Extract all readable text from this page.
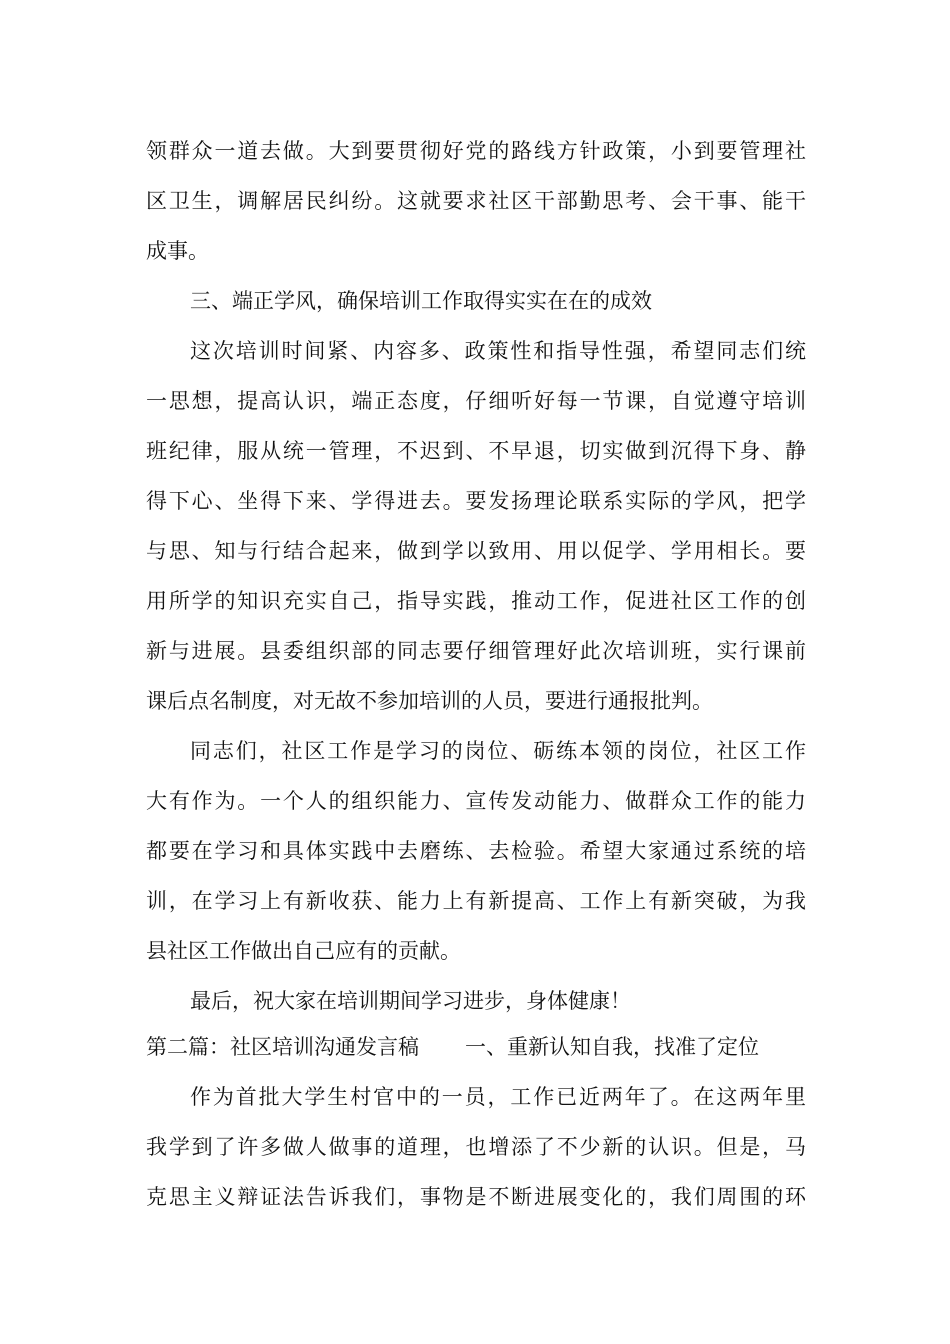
领群众一道去做。大到要贯彻好党的路线方针政策，小到要管理社
区卫生，调解居民纠纷。这就要求社区干部勤思考、会干事、能干
成事。
三、端正学风，确保培训工作取得实实在在的成效
这次培训时间紧、内容多、政策性和指导性强，希望同志们统
一思想，提高认识，端正态度，仔细听好每一节课，自觉遵守培训
班纪律，服从统一管理，不迟到、不早退，切实做到沉得下身、静
得下心、坐得下来、学得进去。要发扬理论联系实际的学风，把学
与思、知与行结合起来，做到学以致用、用以促学、学用相长。要
用所学的知识充实自己，指导实践，推动工作，促进社区工作的创
新与进展。县委组织部的同志要仔细管理好此次培训班，实行课前
课后点名制度，对无故不参加培训的人员，要进行通报批判。
同志们，社区工作是学习的岗位、砺练本领的岗位，社区工作
大有作为。一个人的组织能力、宣传发动能力、做群众工作的能力
都要在学习和具体实践中去磨练、去检验。希望大家通过系统的培
训，在学习上有新收获、能力上有新提高、工作上有新突破，为我
县社区工作做出自己应有的贡献。
最后，祝大家在培训期间学习进步，身体健康！
第二篇：社区培训沟通发言稿 一、重新认知自我，找准了定位
作为首批大学生村官中的一员，工作已近两年了。在这两年里
我学到了许多做人做事的道理，也增添了不少新的认识。但是，马
克思主义辩证法告诉我们，事物是不断进展变化的，我们周围的环
